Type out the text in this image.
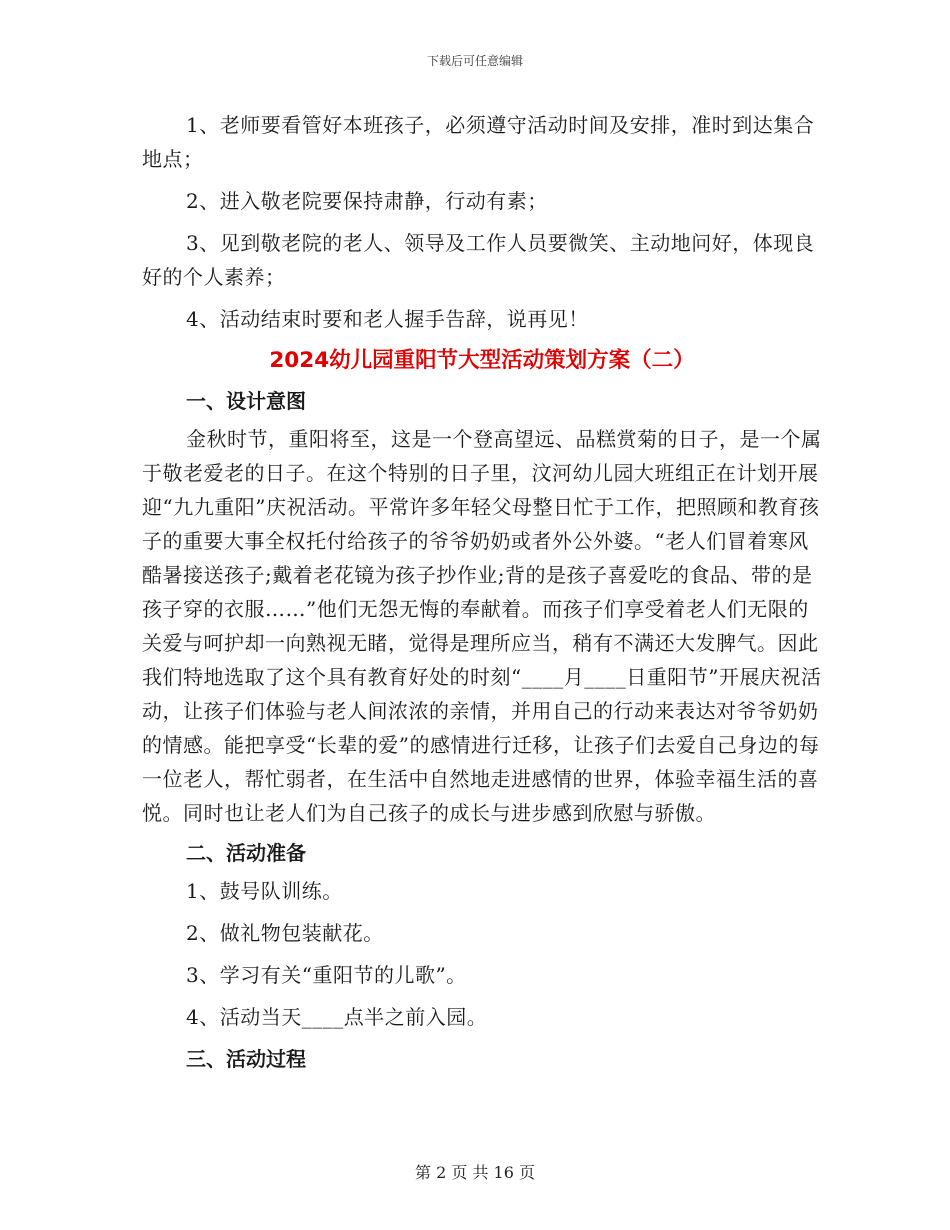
下载后可任意编辑

1、老师要看管好本班孩子，必须遵守活动时间及安排，准时到达集合地点；

2、进入敬老院要保持肃静，行动有素；

3、见到敬老院的老人、领导及工作人员要微笑、主动地问好，体现良好的个人素养；

4、活动结束时要和老人握手告辞，说再见！

2024幼儿园重阳节大型活动策划方案（二）
一、设计意图

金秋时节，重阳将至，这是一个登高望远、品糕赏菊的日子，是一个属于敬老爱老的日子。在这个特别的日子里，汶河幼儿园大班组正在计划开展迎“九九重阳”庆祝活动。平常许多年轻父母整日忙于工作，把照顾和教育孩子的重要大事全权托付给孩子的爷爷奶奶或者外公外婆。“老人们冒着寒风酷暑接送孩子;戴着老花镜为孩子抄作业;背的是孩子喜爱吃的食品、带的是孩子穿的衣服……”他们无怨无悔的奉献着。而孩子们享受着老人们无限的关爱与呵护却一向熟视无睹，觉得是理所应当，稍有不满还大发脾气。因此我们特地选取了这个具有教育好处的时刻“____月____日重阳节”开展庆祝活动，让孩子们体验与老人间浓浓的亲情，并用自己的行动来表达对爷爷奶奶的情感。能把享受“长辈的爱”的感情进行迁移，让孩子们去爱自己身边的每一位老人，帮忙弱者，在生活中自然地走进感情的世界，体验幸福生活的喜悦。同时也让老人们为自己孩子的成长与进步感到欣慰与骄傲。

二、活动准备

1、鼓号队训练。

2、做礼物包装献花。

3、学习有关“重阳节的儿歌”。

4、活动当天____点半之前入园。

三、活动过程
第 2 页 共 16 页
